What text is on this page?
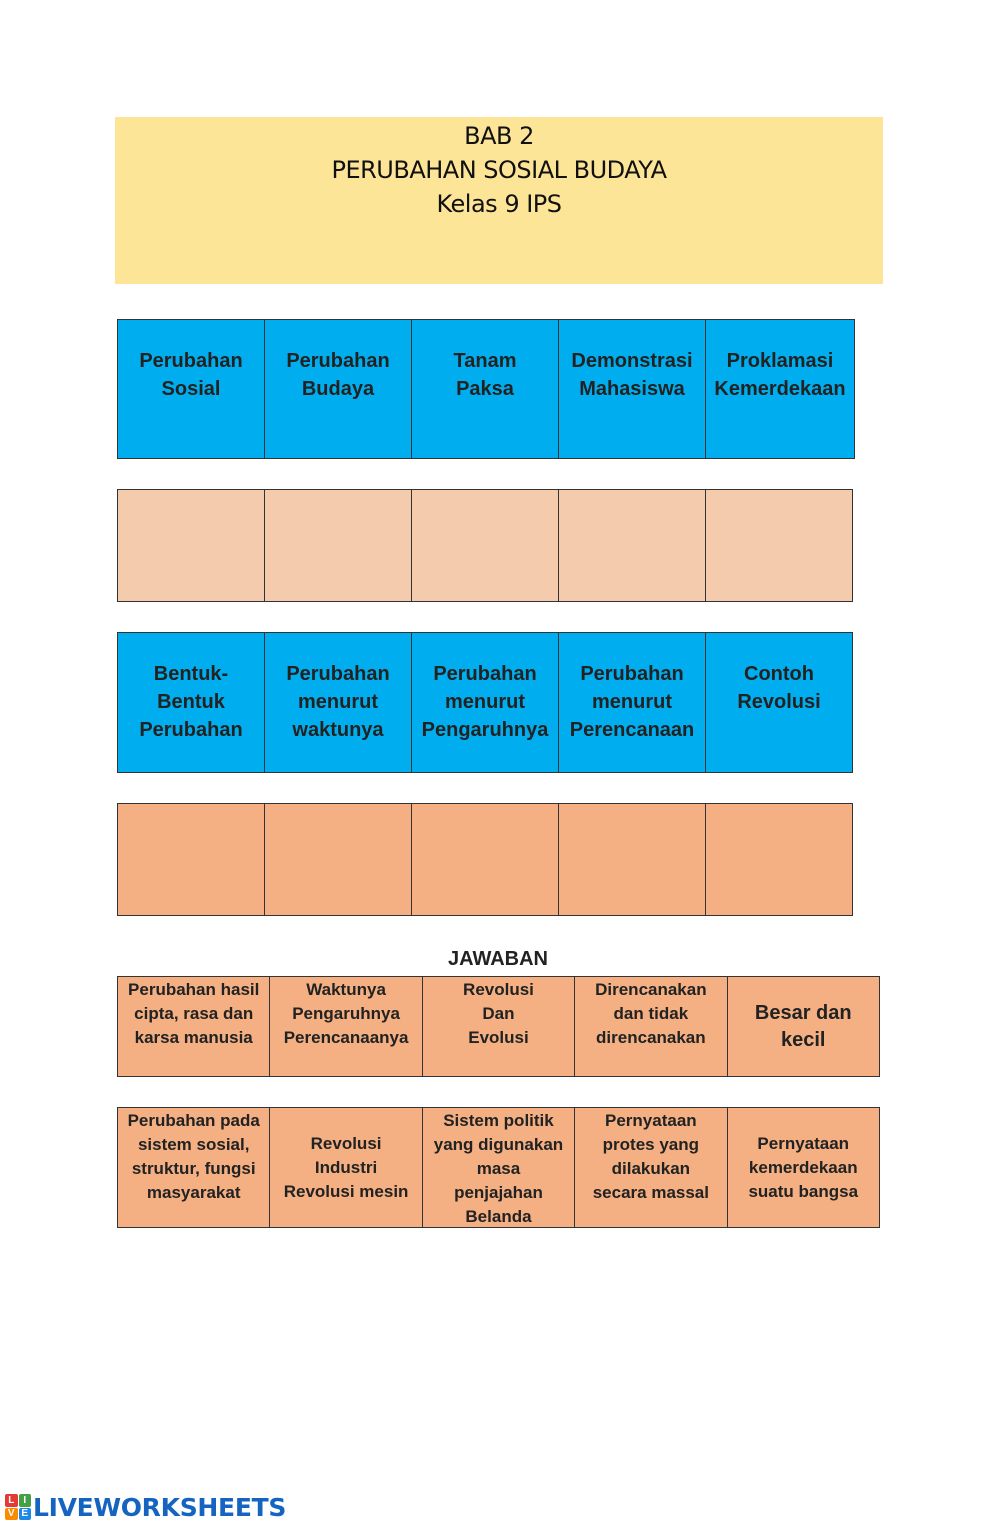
BAB 2
PERUBAHAN SOSIAL BUDAYA
Kelas 9 IPS
Perubahan
Sosial
Perubahan
Budaya
Tanam
Paksa
Demonstrasi
Mahasiswa
Proklamasi
Kemerdekaan
Bentuk-
Bentuk
Perubahan
Perubahan
menurut
waktunya
Perubahan
menurut
Pengaruhnya
Perubahan
menurut
Perencanaan
Contoh
Revolusi
JAWABAN
Perubahan hasil
cipta, rasa dan
karsa manusia
Waktunya
Pengaruhnya
Perencanaanya
Revolusi
Dan
Evolusi
Direncanakan
dan tidak
direncanakan
Besar dan
kecil
Perubahan pada
sistem sosial,
struktur, fungsi
masyarakat
Revolusi
Industri
Revolusi mesin
Sistem politik
yang digunakan
masa
penjajahan
Belanda
Pernyataan
protes yang
dilakukan
secara massal
Pernyataan
kemerdekaan
suatu bangsa
L I
V E LIVEWORKSHEETS
